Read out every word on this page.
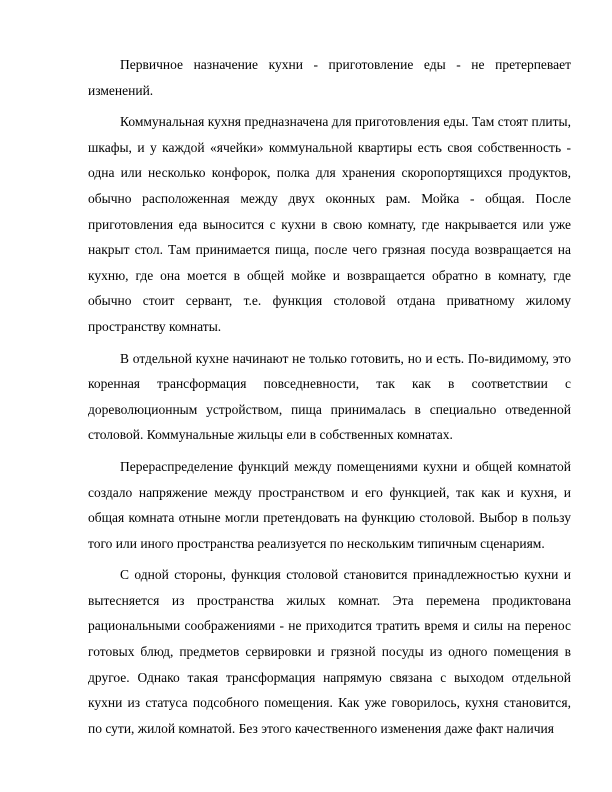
Первичное назначение кухни - приготовление еды - не претерпевает изменений.

Коммунальная кухня предназначена для приготовления еды. Там стоят плиты, шкафы, и у каждой «ячейки» коммунальной квартиры есть своя собственность - одна или несколько конфорок, полка для хранения скоропортящихся продуктов, обычно расположенная между двух оконных рам. Мойка - общая. После приготовления еда выносится с кухни в свою комнату, где накрывается или уже накрыт стол. Там принимается пища, после чего грязная посуда возвращается на кухню, где она моется в общей мойке и возвращается обратно в комнату, где обычно стоит сервант, т.е. функция столовой отдана приватному жилому пространству комнаты.

В отдельной кухне начинают не только готовить, но и есть. По-видимому, это коренная трансформация повседневности, так как в соответствии с дореволюционным устройством, пища принималась в специально отведенной столовой. Коммунальные жильцы ели в собственных комнатах.

Перераспределение функций между помещениями кухни и общей комнатой создало напряжение между пространством и его функцией, так как и кухня, и общая комната отныне могли претендовать на функцию столовой. Выбор в пользу того или иного пространства реализуется по нескольким типичным сценариям.

С одной стороны, функция столовой становится принадлежностью кухни и вытесняется из пространства жилых комнат. Эта перемена продиктована рациональными соображениями - не приходится тратить время и силы на перенос готовых блюд, предметов сервировки и грязной посуды из одного помещения в другое. Однако такая трансформация напрямую связана с выходом отдельной кухни из статуса подсобного помещения. Как уже говорилось, кухня становится, по сути, жилой комнатой. Без этого качественного изменения даже факт наличия
